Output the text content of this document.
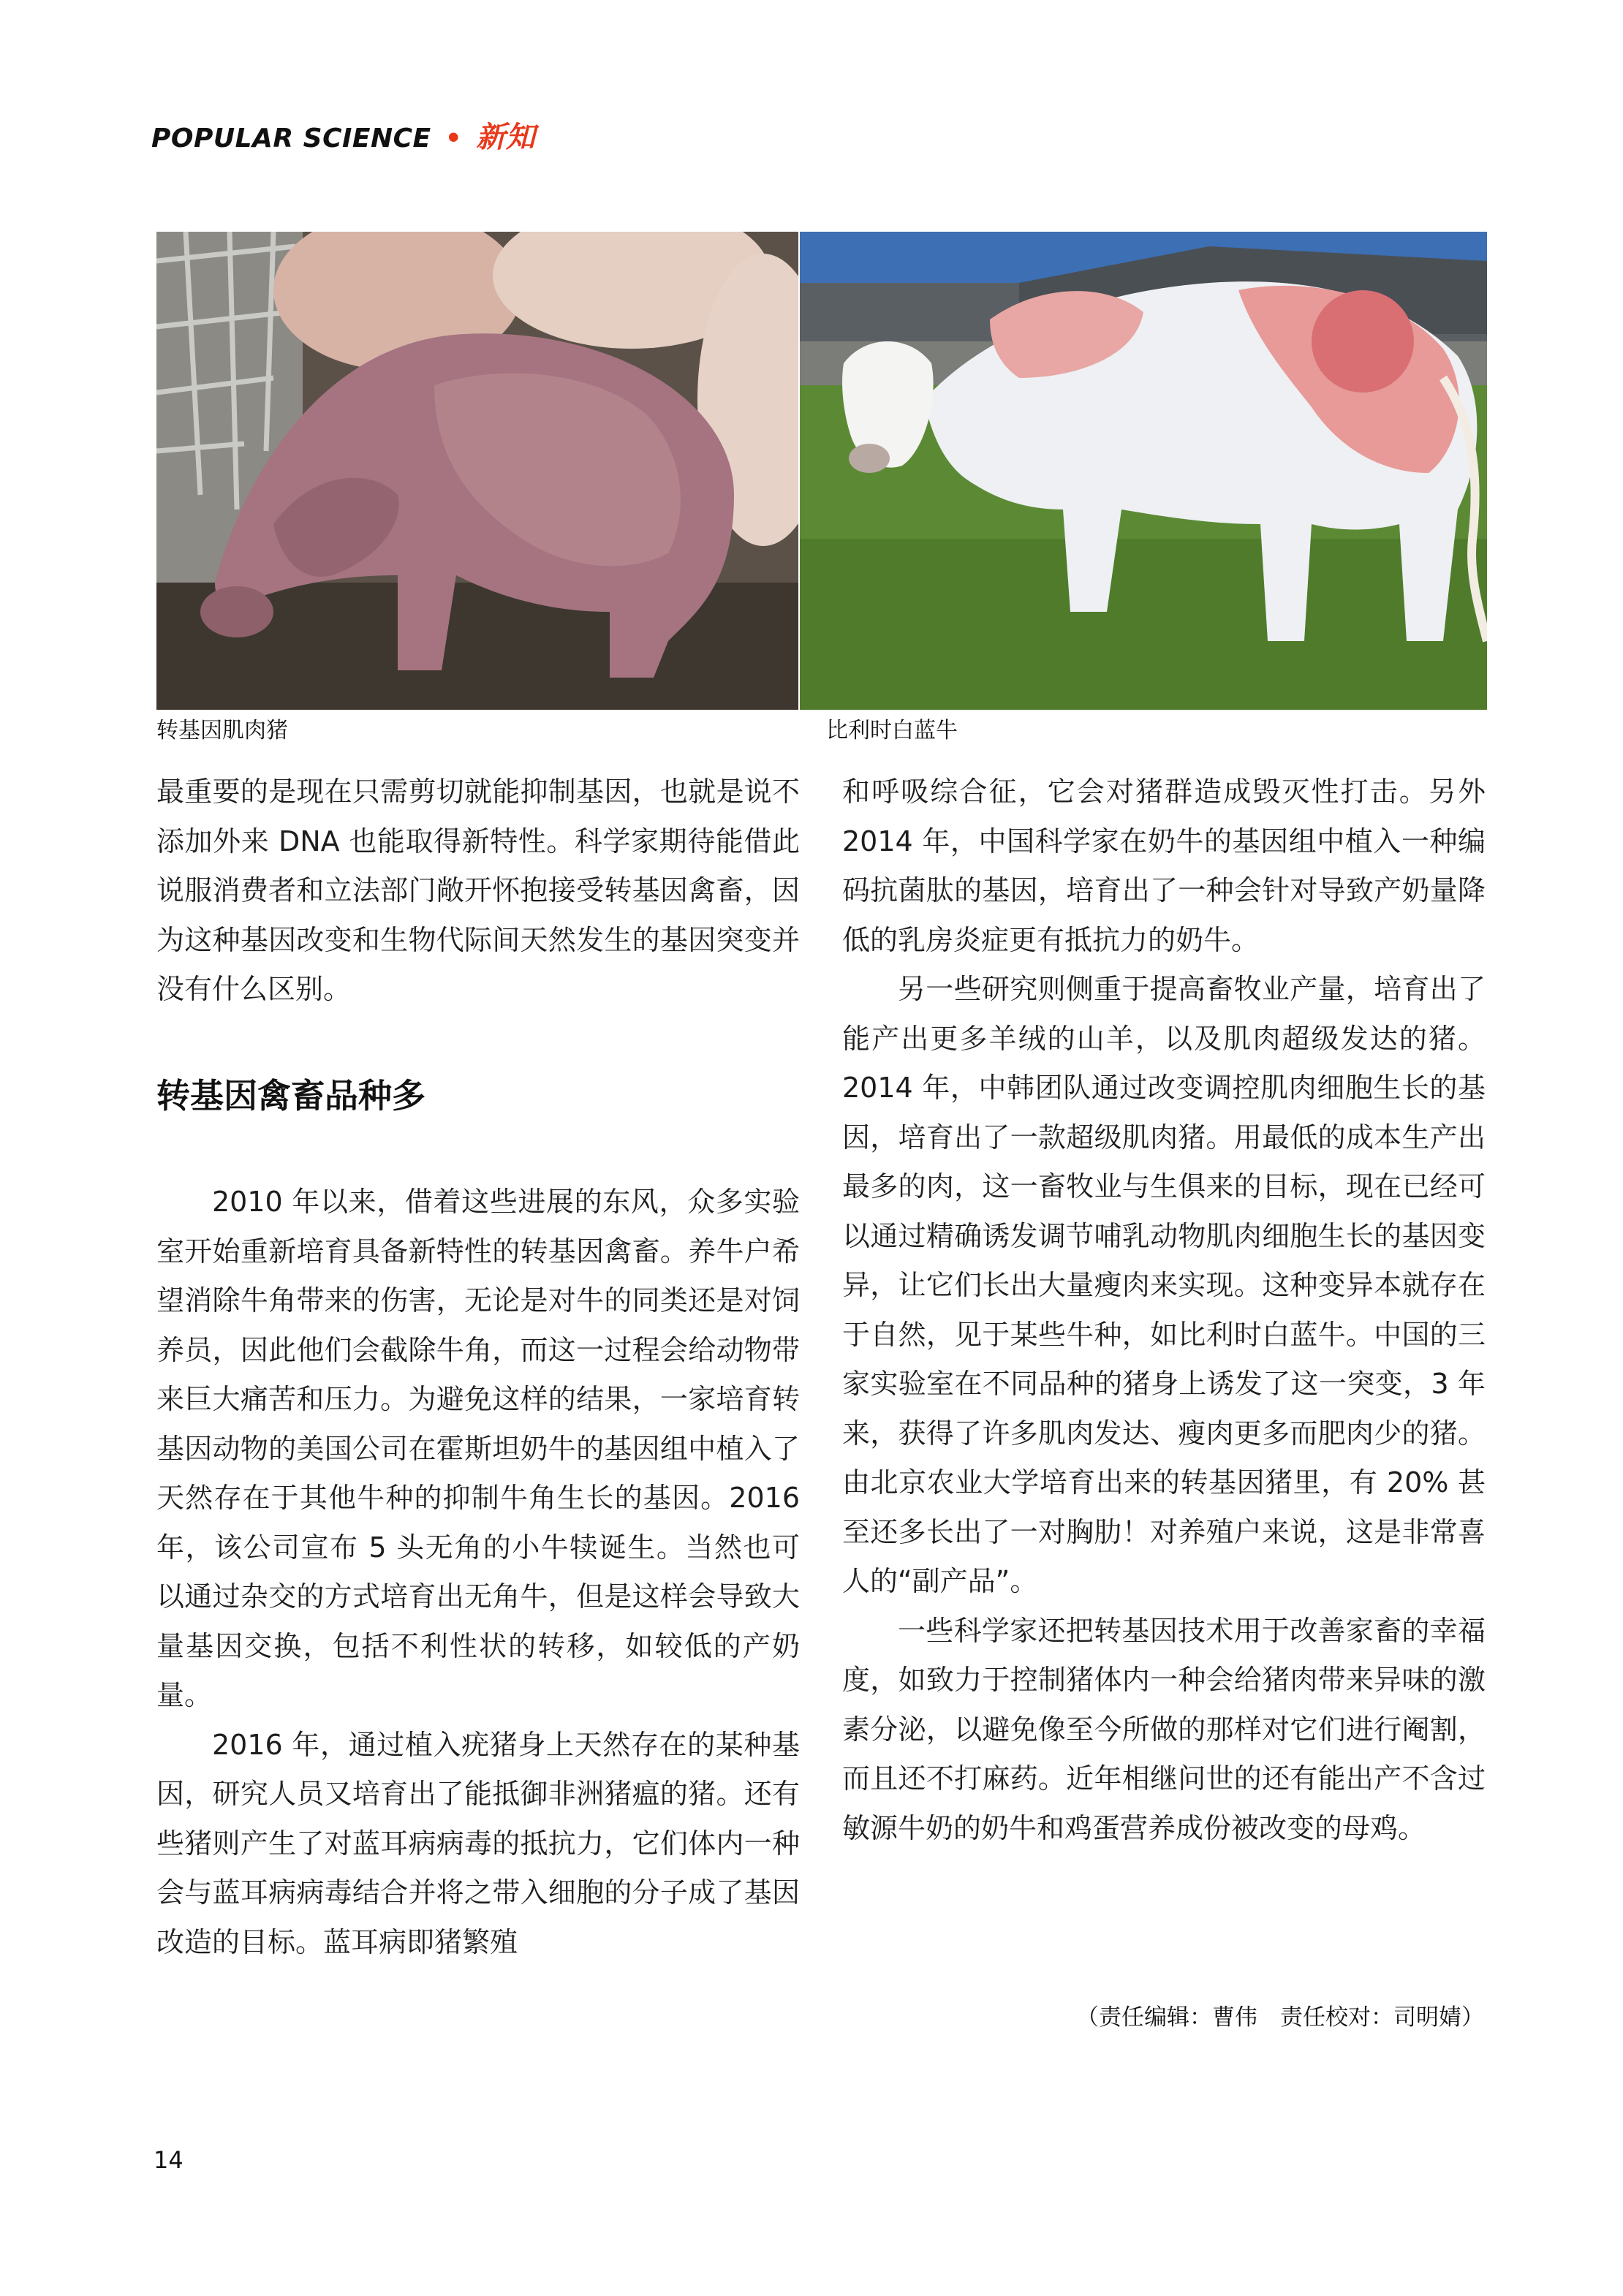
POPULAR SCIENCE • 新知
转基因肌肉猪	比利时白蓝牛

最重要的是现在只需剪切就能抑制基因，也就是说不添加外来 DNA 也能取得新特性。科学家期待能借此说服消费者和立法部门敞开怀抱接受转基因禽畜，因为这种基因改变和生物代际间天然发生的基因突变并没有什么区别。

转基因禽畜品种多

2010 年以来，借着这些进展的东风，众多实验室开始重新培育具备新特性的转基因禽畜。养牛户希望消除牛角带来的伤害，无论是对牛的同类还是对饲养员，因此他们会截除牛角，而这一过程会给动物带来巨大痛苦和压力。为避免这样的结果，一家培育转基因动物的美国公司在霍斯坦奶牛的基因组中植入了天然存在于其他牛种的抑制牛角生长的基因。2016 年，该公司宣布 5 头无角的小牛犊诞生。当然也可以通过杂交的方式培育出无角牛，但是这样会导致大量基因交换，包括不利性状的转移，如较低的产奶量。

2016 年，通过植入疣猪身上天然存在的某种基因，研究人员又培育出了能抵御非洲猪瘟的猪。还有些猪则产生了对蓝耳病病毒的抵抗力，它们体内一种会与蓝耳病病毒结合并将之带入细胞的分子成了基因改造的目标。蓝耳病即猪繁殖

和呼吸综合征，它会对猪群造成毁灭性打击。另外 2014 年，中国科学家在奶牛的基因组中植入一种编码抗菌肽的基因，培育出了一种会针对导致产奶量降低的乳房炎症更有抵抗力的奶牛。

另一些研究则侧重于提高畜牧业产量，培育出了能产出更多羊绒的山羊，以及肌肉超级发达的猪。2014 年，中韩团队通过改变调控肌肉细胞生长的基因，培育出了一款超级肌肉猪。用最低的成本生产出最多的肉，这一畜牧业与生俱来的目标，现在已经可以通过精确诱发调节哺乳动物肌肉细胞生长的基因变异，让它们长出大量瘦肉来实现。这种变异本就存在于自然，见于某些牛种，如比利时白蓝牛。中国的三家实验室在不同品种的猪身上诱发了这一突变，3 年来，获得了许多肌肉发达、瘦肉更多而肥肉少的猪。由北京农业大学培育出来的转基因猪里，有 20% 甚至还多长出了一对胸肋！对养殖户来说，这是非常喜人的“副产品”。

一些科学家还把转基因技术用于改善家畜的幸福度，如致力于控制猪体内一种会给猪肉带来异味的激素分泌，以避免像至今所做的那样对它们进行阉割，而且还不打麻药。近年相继问世的还有能出产不含过敏源牛奶的奶牛和鸡蛋营养成份被改变的母鸡。

（责任编辑：曹伟　责任校对：司明婧）
14
